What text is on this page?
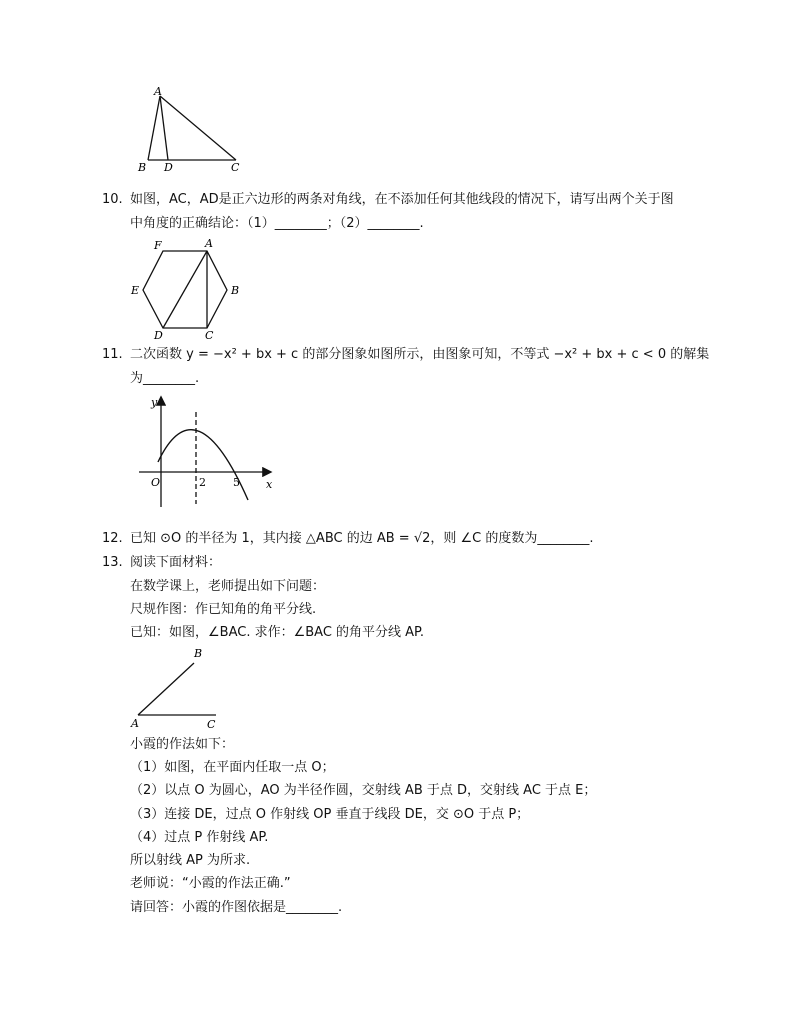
A
B D	C
10. 如图，AC，AD是正六边形的两条对角线，在不添加任何其他线段的情况下，请写出两个关于图
中角度的正确结论：（1）________；（2）________.
F	A
B
C
D
E
11. 二次函数 y = −x² + bx + c 的部分图象如图所示，由图象可知，不等式 −x² + bx + c < 0 的解集
为________.
y
x
O	2 5
12. 已知 ⊙O 的半径为 1，其内接 △ABC 的边 AB = √2，则 ∠C 的度数为________.
13. 阅读下面材料：
在数学课上，老师提出如下问题：
尺规作图：作已知角的角平分线.
已知：如图，∠BAC. 求作：∠BAC 的角平分线 AP.
B
A	C
小霞的作法如下：
（1）如图，在平面内任取一点 O；
（2）以点 O 为圆心，AO 为半径作圆，交射线 AB 于点 D，交射线 AC 于点 E；
（3）连接 DE，过点 O 作射线 OP 垂直于线段 DE，交 ⊙O 于点 P；
（4）过点 P 作射线 AP.
所以射线 AP 为所求.
老师说：“小霞的作法正确.”
请回答：小霞的作图依据是________.
